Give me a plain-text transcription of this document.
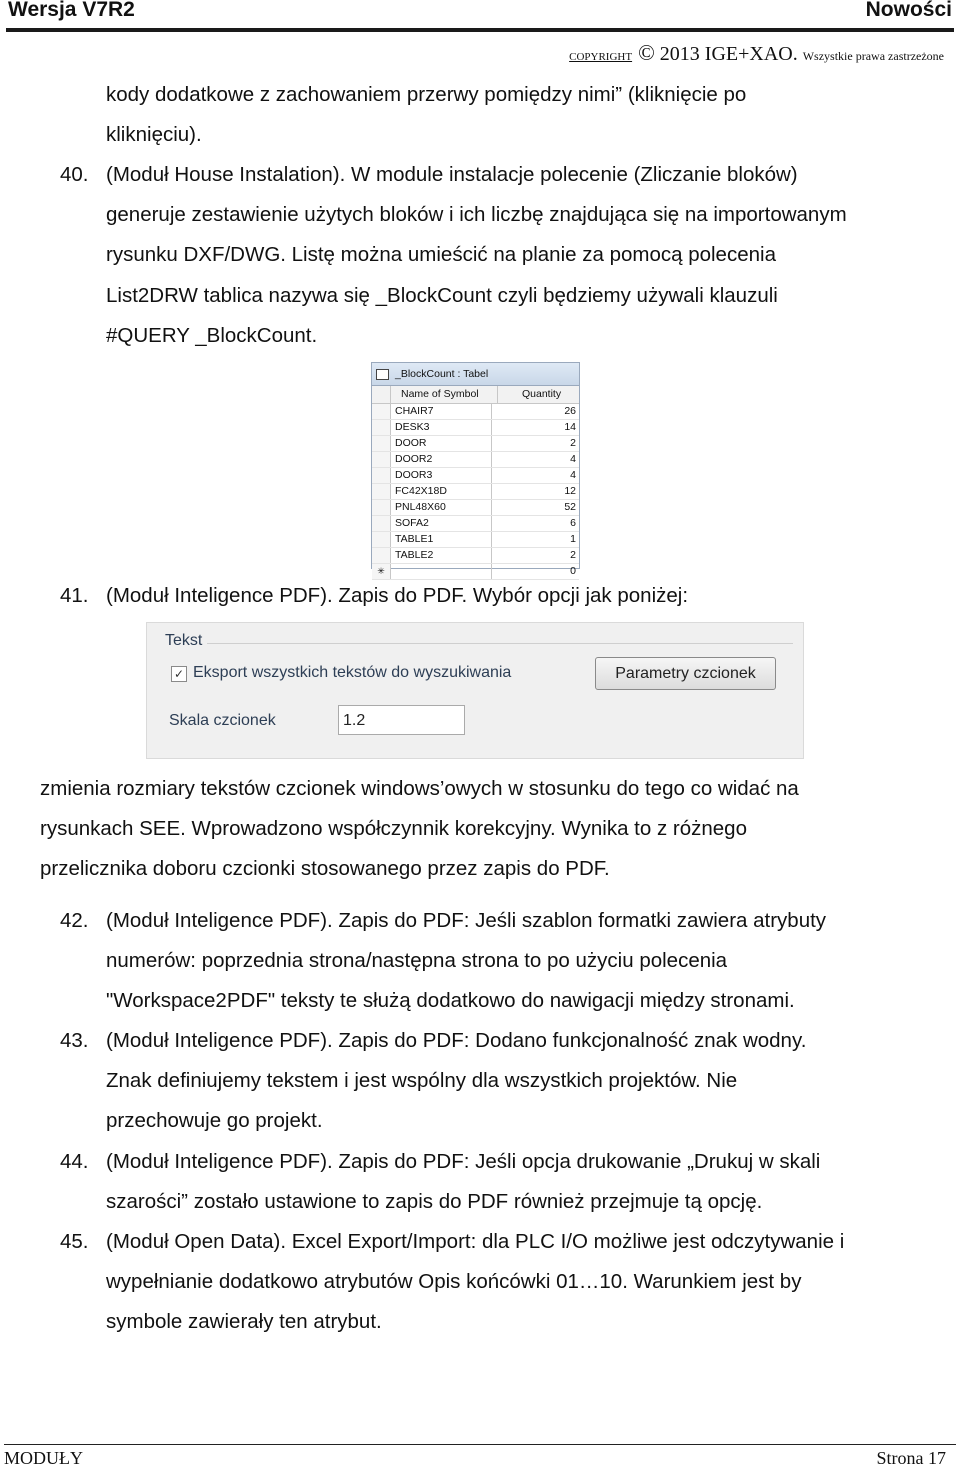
Wersja V7R2	Nowości
COPYRIGHT © 2013 IGE+XAO. Wszystkie prawa zastrzeżone
kody dodatkowe z zachowaniem przerwy pomiędzy nimi” (kliknięcie po
kliknięciu).
40. (Moduł House Instalation). W module instalacje polecenie (Zliczanie bloków)
generuje zestawienie użytych bloków i ich liczbę znajdująca się na importowanym
rysunku DXF/DWG. Listę można umieścić na planie za pomocą polecenia
List2DRW tablica nazywa się _BlockCount czyli będziemy używali klauzuli
#QUERY _BlockCount.
_BlockCount : Tabel
Name of Symbol	Quantity
CHAIR7	26
DESK3	14
DOOR	2
DOOR2	4
DOOR3	4
FC42X18D	12
PNL48X60	52
SOFA2	6
TABLE1	1
TABLE2	2
✳	0
41. (Moduł Inteligence PDF). Zapis do PDF. Wybór opcji jak poniżej:
Tekst
✓ Eksport wszystkich tekstów do wyszukiwania	Parametry czcionek
Skala czcionek	1.2
zmienia rozmiary tekstów czcionek windows’owych w stosunku do tego co widać na
rysunkach SEE. Wprowadzono współczynnik korekcyjny. Wynika to z różnego
przelicznika doboru czcionki stosowanego przez zapis do PDF.
42. (Moduł Inteligence PDF). Zapis do PDF: Jeśli szablon formatki zawiera atrybuty
numerów: poprzednia strona/następna strona to po użyciu polecenia
"Workspace2PDF" teksty te służą dodatkowo do nawigacji między stronami.
43. (Moduł Inteligence PDF). Zapis do PDF: Dodano funkcjonalność znak wodny.
Znak definiujemy tekstem i jest wspólny dla wszystkich projektów. Nie
przechowuje go projekt.
44. (Moduł Inteligence PDF). Zapis do PDF: Jeśli opcja drukowanie „Drukuj w skali
szarości” zostało ustawione to zapis do PDF również przejmuje tą opcję.
45. (Moduł Open Data). Excel Export/Import: dla PLC I/O możliwe jest odczytywanie i
wypełnianie dodatkowo atrybutów Opis końcówki 01…10. Warunkiem jest by
symbole zawierały ten atrybut.
MODUŁY	Strona 17
